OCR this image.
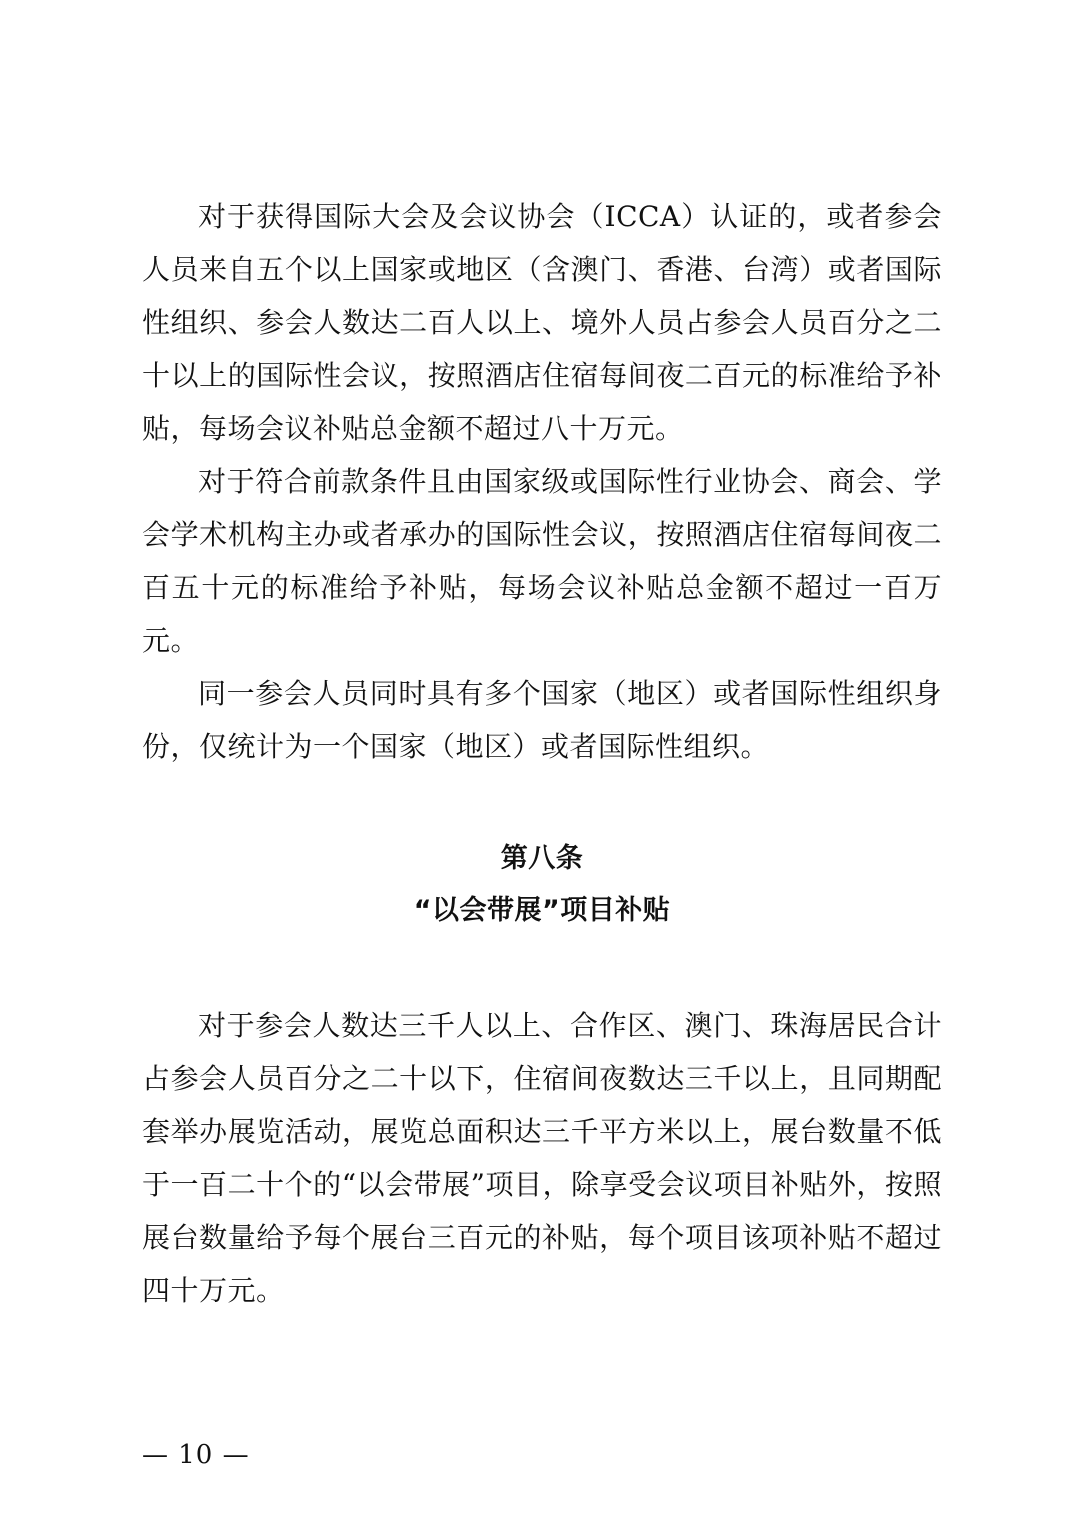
对于获得国际大会及会议协会（ICCA）认证的，或者参会人员来自五个以上国家或地区（含澳门、香港、台湾）或者国际性组织、参会人数达二百人以上、境外人员占参会人员百分之二十以上的国际性会议，按照酒店住宿每间夜二百元的标准给予补贴，每场会议补贴总金额不超过八十万元。

对于符合前款条件且由国家级或国际性行业协会、商会、学会学术机构主办或者承办的国际性会议，按照酒店住宿每间夜二百五十元的标准给予补贴，每场会议补贴总金额不超过一百万元。

同一参会人员同时具有多个国家（地区）或者国际性组织身份，仅统计为一个国家（地区）或者国际性组织。

第八条

“以会带展”项目补贴

对于参会人数达三千人以上、合作区、澳门、珠海居民合计占参会人员百分之二十以下，住宿间夜数达三千以上，且同期配套举办展览活动，展览总面积达三千平方米以上，展台数量不低于一百二十个的“以会带展”项目，除享受会议项目补贴外，按照展台数量给予每个展台三百元的补贴，每个项目该项补贴不超过四十万元。

— 10 —
